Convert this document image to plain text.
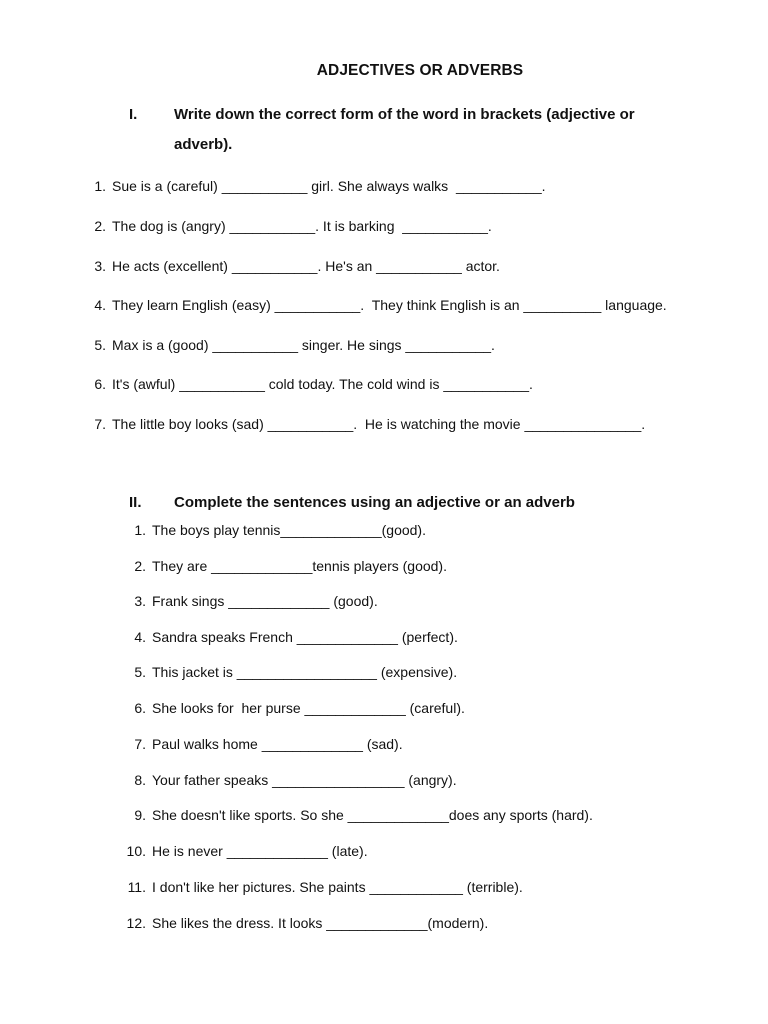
ADJECTIVES OR ADVERBS
I.	Write down the correct form of the word in brackets (adjective or
adverb).

1.

Sue is a (careful) ___________ girl. She always walks  ___________.

2.

The dog is (angry) ___________. It is barking  ___________.

3.

He acts (excellent) ___________. He's an ___________ actor.

4.

They learn English (easy) ___________.  They think English is an __________ language.

5.

Max is a (good) ___________ singer. He sings ___________.

6.

It's (awful) ___________ cold today. The cold wind is ___________.

7.

The little boy looks (sad) ___________.  He is watching the movie _______________.

II.	Complete the sentences using an adjective or an adverb

1.

The boys play tennis_____________(good).

2.

They are _____________tennis players (good).

3.

Frank sings _____________ (good).

4.

Sandra speaks French _____________ (perfect).

5.

This jacket is __________________ (expensive).

6.

She looks for  her purse _____________ (careful).

7.

Paul walks home _____________ (sad).

8.

Your father speaks _________________ (angry).

9.

She doesn't like sports. So she _____________does any sports (hard).

10.

He is never _____________ (late).

11.

I don't like her pictures. She paints ____________ (terrible).

12.

She likes the dress. It looks _____________(modern).
